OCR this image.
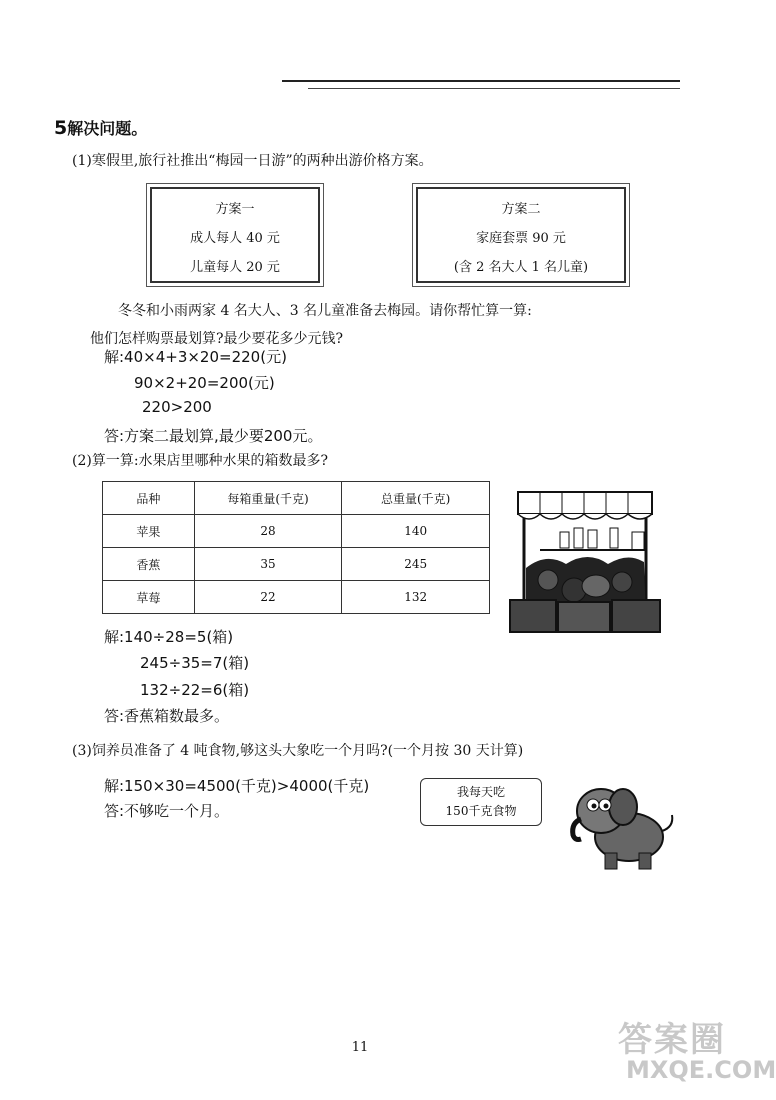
5解决问题。
(1)寒假里,旅行社推出“梅园一日游”的两种出游价格方案。
方案一
成人每人 40 元
儿童每人 20 元
方案二
家庭套票 90 元
(含 2 名大人 1 名儿童)
冬冬和小雨两家 4 名大人、3 名儿童准备去梅园。请你帮忙算一算:
他们怎样购票最划算?最少要花多少元钱?
解:40×4+3×20=220(元)
90×2+20=200(元)
220>200
答:方案二最划算,最少要200元。
(2)算一算:水果店里哪种水果的箱数最多?
品种	每箱重量(千克)	总重量(千克)
苹果	28	140
香蕉	35	245
草莓	22	132
解:140÷28=5(箱)
245÷35=7(箱)
132÷22=6(箱)
答:香蕉箱数最多。
(3)饲养员准备了 4 吨食物,够这头大象吃一个月吗?(一个月按 30 天计算)
解:150×30=4500(千克)>4000(千克)
答:不够吃一个月。
我每天吃
150千克食物
11	答案圈
MXQE.COM
